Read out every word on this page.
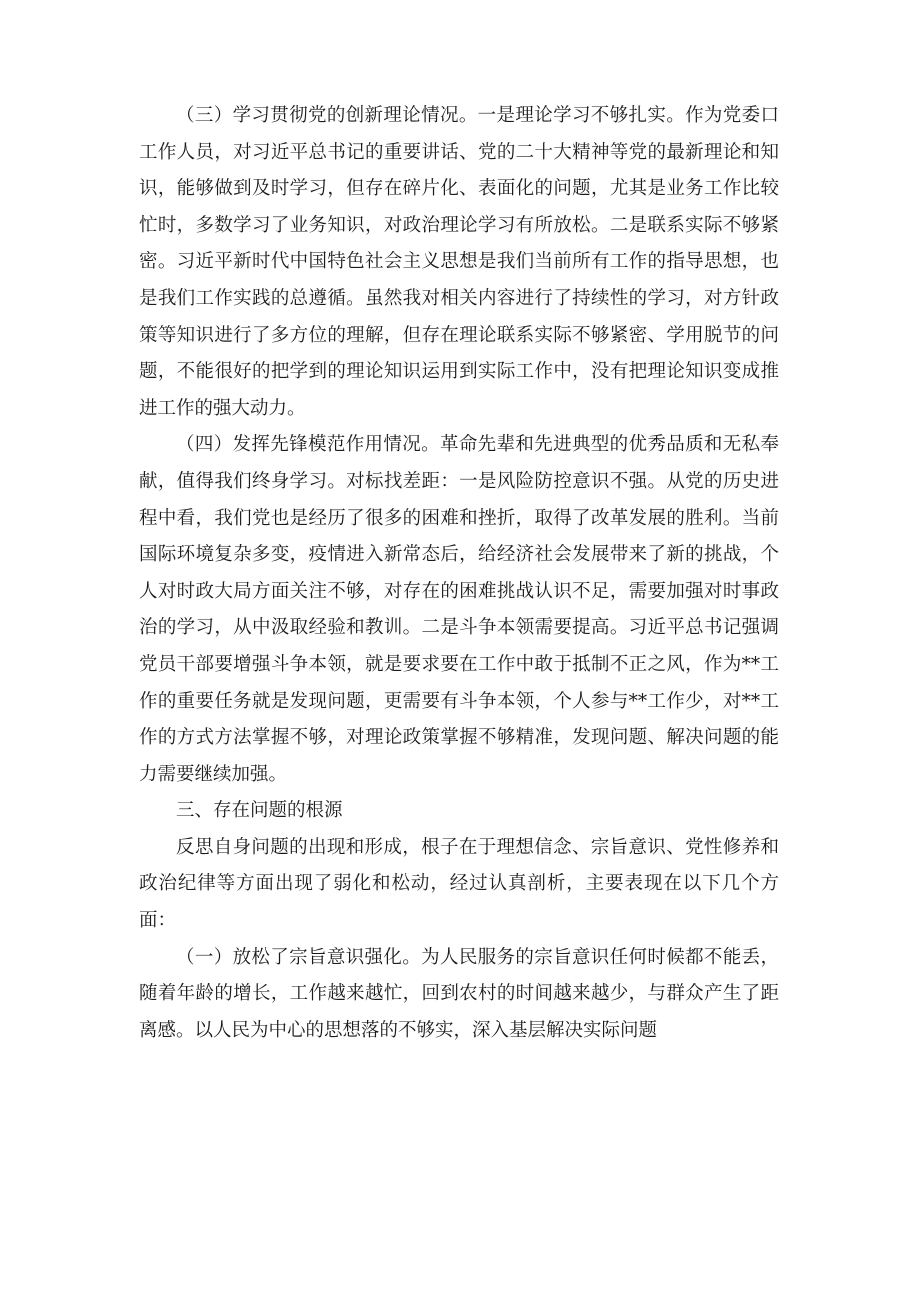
（三）学习贯彻党的创新理论情况。一是理论学习不够扎实。作为党委口工作人员，对习近平总书记的重要讲话、党的二十大精神等党的最新理论和知识，能够做到及时学习，但存在碎片化、表面化的问题，尤其是业务工作比较忙时，多数学习了业务知识，对政治理论学习有所放松。二是联系实际不够紧密。习近平新时代中国特色社会主义思想是我们当前所有工作的指导思想，也是我们工作实践的总遵循。虽然我对相关内容进行了持续性的学习，对方针政策等知识进行了多方位的理解，但存在理论联系实际不够紧密、学用脱节的问题，不能很好的把学到的理论知识运用到实际工作中，没有把理论知识变成推进工作的强大动力。

（四）发挥先锋模范作用情况。革命先辈和先进典型的优秀品质和无私奉献，值得我们终身学习。对标找差距：一是风险防控意识不强。从党的历史进程中看，我们党也是经历了很多的困难和挫折，取得了改革发展的胜利。当前国际环境复杂多变，疫情进入新常态后，给经济社会发展带来了新的挑战，个人对时政大局方面关注不够，对存在的困难挑战认识不足，需要加强对时事政治的学习，从中汲取经验和教训。二是斗争本领需要提高。习近平总书记强调党员干部要增强斗争本领，就是要求要在工作中敢于抵制不正之风，作为**工作的重要任务就是发现问题，更需要有斗争本领，个人参与**工作少，对**工作的方式方法掌握不够，对理论政策掌握不够精准，发现问题、解决问题的能力需要继续加强。

三、存在问题的根源

反思自身问题的出现和形成，根子在于理想信念、宗旨意识、党性修养和政治纪律等方面出现了弱化和松动，经过认真剖析，主要表现在以下几个方面：

（一）放松了宗旨意识强化。为人民服务的宗旨意识任何时候都不能丢，随着年龄的增长，工作越来越忙，回到农村的时间越来越少，与群众产生了距离感。以人民为中心的思想落的不够实，深入基层解决实际问题
